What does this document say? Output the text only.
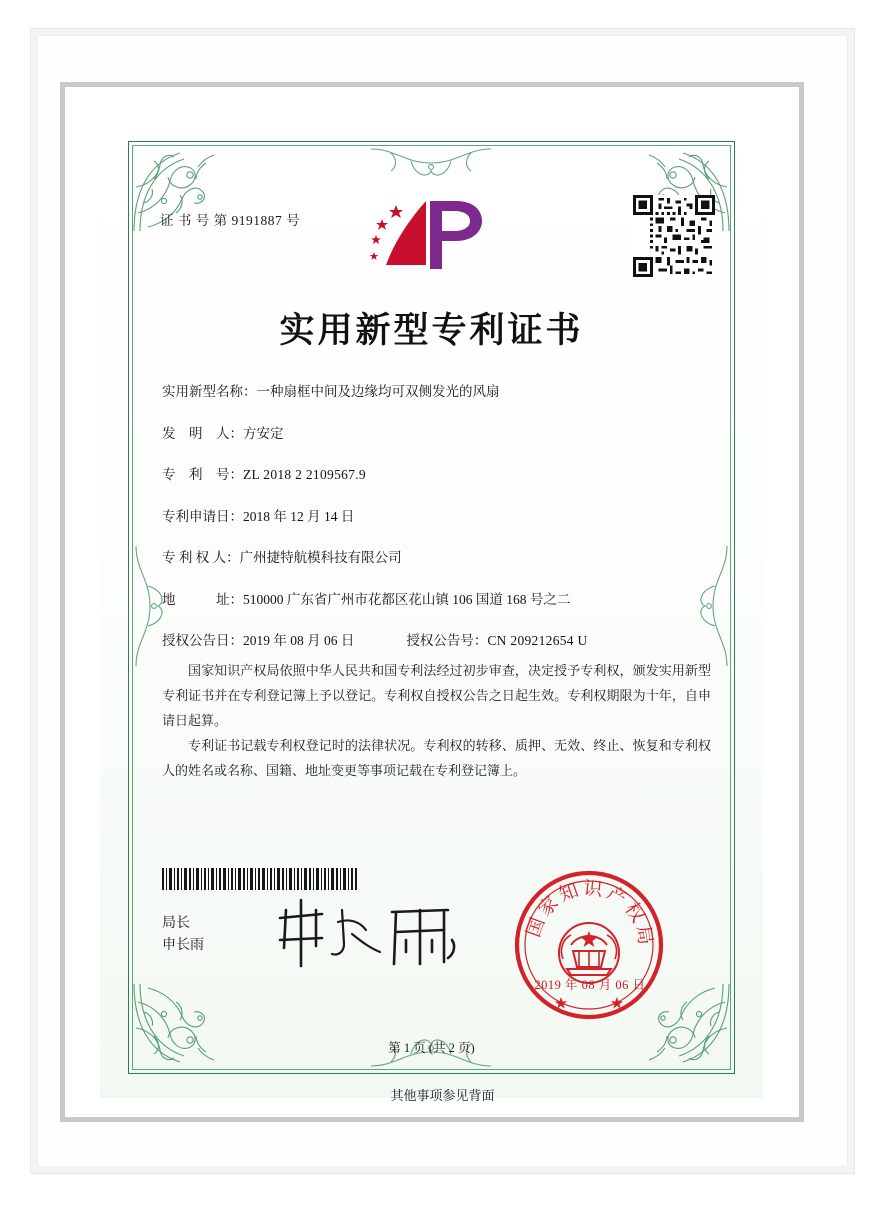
证 书 号 第 9191887 号
实用新型专利证书
实用新型名称： 一种扇框中间及边缘均可双侧发光的风扇
发　明　人： 方安定
专　利　号： ZL 2018 2 2109567.9
专利申请日： 2018 年 12 月 14 日
专 利 权 人： 广州捷特航模科技有限公司
地　　　址： 510000 广东省广州市花都区花山镇 106 国道 168 号之二
授权公告日： 2019 年 08 月 06 日	授权公告号： CN 209212654 U

国家知识产权局依照中华人民共和国专利法经过初步审查，决定授予专利权，颁发实用新型专利证书并在专利登记簿上予以登记。专利权自授权公告之日起生效。专利权期限为十年，自申请日起算。

专利证书记载专利权登记时的法律状况。专利权的转移、质押、无效、终止、恢复和专利权人的姓名或名称、国籍、地址变更等事项记载在专利登记簿上。

局长
申长雨
国家知识产权局
2019 年 08 月 06 日
第 1 页 (共 2 页)
其他事项参见背面
